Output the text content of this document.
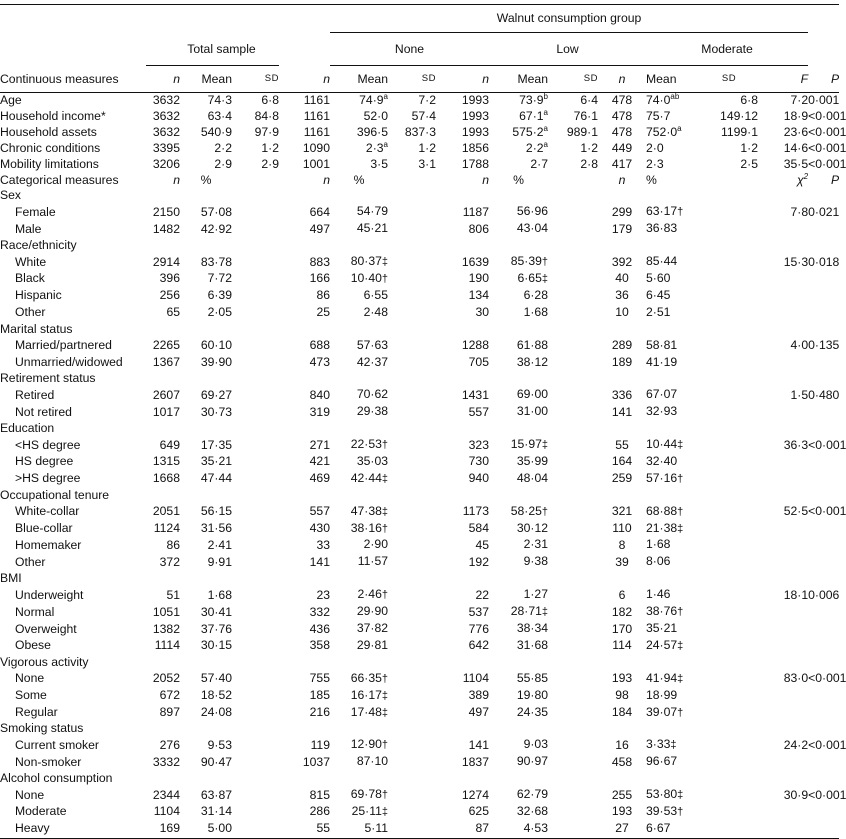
					Walnut consumption group									
	Total sample				None			Low			Moderate			
Continuous measures	n	Mean	SD	n	Mean	SD	n	Mean	SD	n	Mean	SD	F	P
Age	3632	74·3	6·8	1161	$74\cdot 9^a$	7·2	1993	$73\cdot 9^b$	6·4	478	$74\cdot 0^{ab}$	6·8	7·2	0·001
Household income*	3632	63·4	84·8	1161	52·0	57·4	1993	$67\cdot 1^a$	76·1	478	75·7	149·12	18·9	<0·001
Household assets	3632	540·9	97·9	1161	396·5	837·3	1993	$575\cdot 2^a$	989·1	478	$752\cdot 0^a$	1199·1	23·6	<0·001
Chronic conditions	3395	2·2	1·2	1090	$2\cdot 3^a$	1·2	1856	$2\cdot 2^a$	1·2	449	2·0	1·2	14·6	<0·001
Mobility limitations	3206	2·9	2·9	1001	3·5	3·1	1788	2·7	2·8	417	2·3	2·5	35·5	<0·001
Categorical measures	n	%		n	%		n	%		n	%		$\chi^2$	P
Sex														
Female	2150	57·08		664	54·79		1187	56·96		299	63·17†		7·8	0·021
Male	1482	42·92		497	45·21		806	43·04		179	36·83			
Race/ethnicity														
White	2914	83·78		883	80·37‡		1639	85·39†		392	85·44		15·3	0·018
Black	396	7·72		166	10·40†		190	6·65‡		40	5·60			
Hispanic	256	6·39		86	6·55		134	6·28		36	6·45			
Other	65	2·05		25	2·48		30	1·68		10	2·51			
Marital status														
Married/partnered	2265	60·10		688	57·63		1288	61·88		289	58·81		4·0	0·135
Unmarried/widowed	1367	39·90		473	42·37		705	38·12		189	41·19			
Retirement status														
Retired	2607	69·27		840	70·62		1431	69·00		336	67·07		1·5	0·480
Not retired	1017	30·73		319	29·38		557	31·00		141	32·93			
Education														
<HS degree	649	17·35		271	22·53†		323	15·97‡		55	10·44‡		36·3	<0·001
HS degree	1315	35·21		421	35·03		730	35·99		164	32·40			
>HS degree	1668	47·44		469	42·44‡		940	48·04		259	57·16†			
Occupational tenure														
White-collar	2051	56·15		557	47·38‡		1173	58·25†		321	68·88†		52·5	<0·001
Blue-collar	1124	31·56		430	38·16†		584	30·12		110	21·38‡			
Homemaker	86	2·41		33	2·90		45	2·31		8	1·68			
Other	372	9·91		141	11·57		192	9·38		39	8·06			
BMI														
Underweight	51	1·68		23	2·46†		22	1·27		6	1·46		18·1	0·006
Normal	1051	30·41		332	29·90		537	28·71‡		182	38·76†			
Overweight	1382	37·76		436	37·82		776	38·34		170	35·21			
Obese	1114	30·15		358	29·81		642	31·68		114	24·57‡			
Vigorous activity														
None	2052	57·40		755	66·35†		1104	55·85		193	41·94‡		83·0	<0·001
Some	672	18·52		185	16·17‡		389	19·80		98	18·99			
Regular	897	24·08		216	17·48‡		497	24·35		184	39·07†			
Smoking status														
Current smoker	276	9·53		119	12·90†		141	9·03		16	3·33‡		24·2	<0·001
Non-smoker	3332	90·47		1037	87·10		1837	90·97		458	96·67			
Alcohol consumption														
None	2344	63·87		815	69·78†		1274	62·79		255	53·80‡		30·9	<0·001
Moderate	1104	31·14		286	25·11‡		625	32·68		193	39·53†			
Heavy	169	5·00		55	5·11		87	4·53		27	6·67			
